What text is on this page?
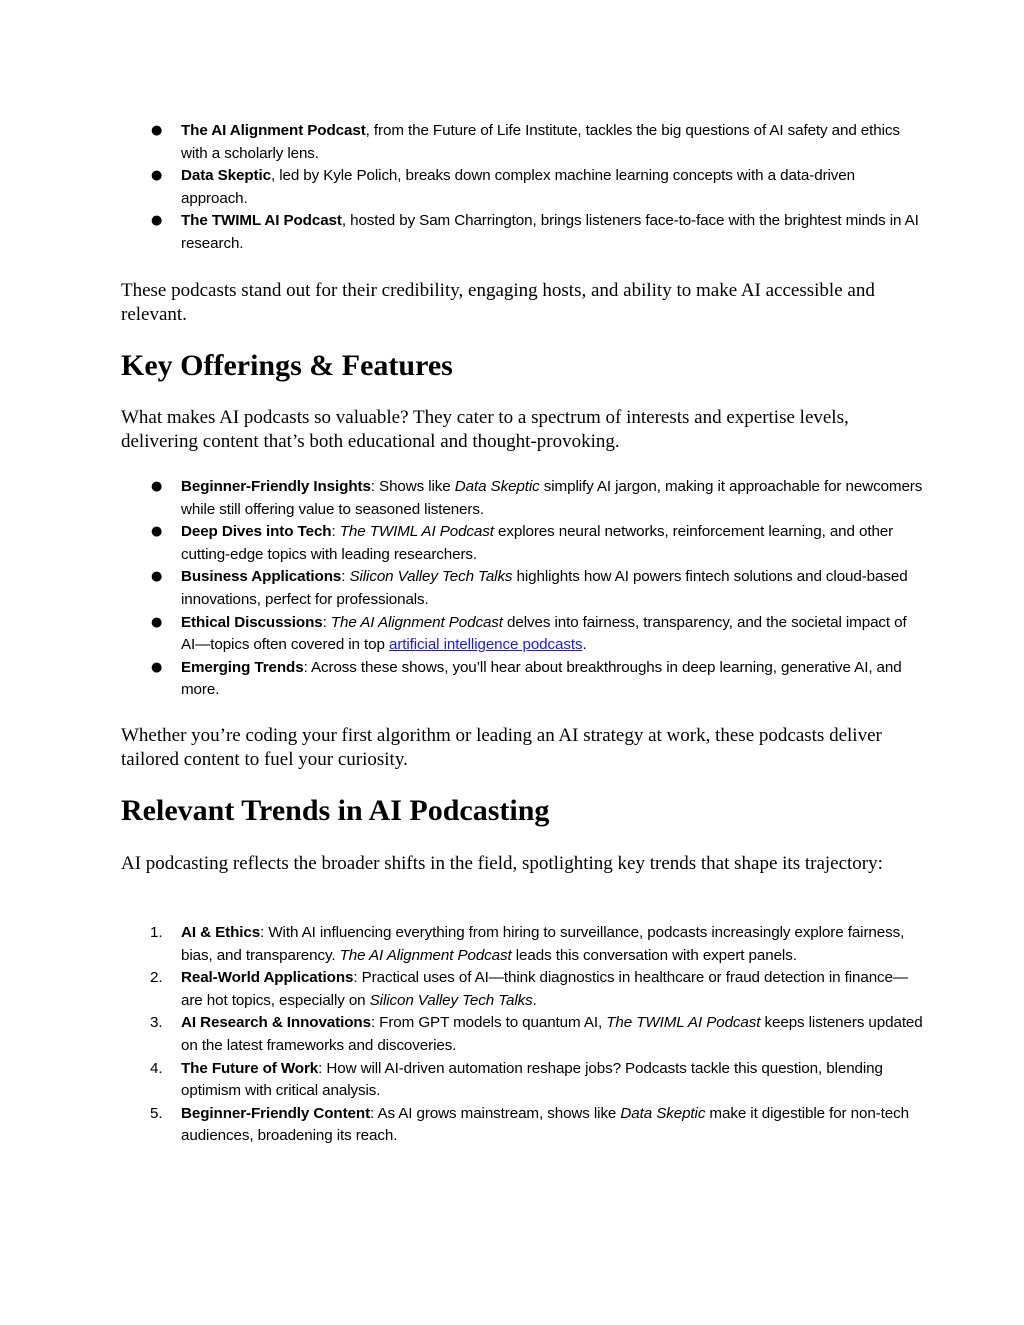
●	The AI Alignment Podcast, from the Future of Life Institute, tackles the big questions of AI safety and ethics with a scholarly lens.
●	Data Skeptic, led by Kyle Polich, breaks down complex machine learning concepts with a data-driven approach.
●	The TWIML AI Podcast, hosted by Sam Charrington, brings listeners face-to-face with the brightest minds in AI research.

These podcasts stand out for their credibility, engaging hosts, and ability to make AI accessible and relevant.

Key Offerings & Features

What makes AI podcasts so valuable? They cater to a spectrum of interests and expertise levels, delivering content that’s both educational and thought-provoking.

●	Beginner-Friendly Insights: Shows like Data Skeptic simplify AI jargon, making it approachable for newcomers while still offering value to seasoned listeners.
●	Deep Dives into Tech: The TWIML AI Podcast explores neural networks, reinforcement learning, and other cutting-edge topics with leading researchers.
●	Business Applications: Silicon Valley Tech Talks highlights how AI powers fintech solutions and cloud-based innovations, perfect for professionals.
●	Ethical Discussions: The AI Alignment Podcast delves into fairness, transparency, and the societal impact of AI—topics often covered in top artificial intelligence podcasts.
●	Emerging Trends: Across these shows, you’ll hear about breakthroughs in deep learning, generative AI, and more.

Whether you’re coding your first algorithm or leading an AI strategy at work, these podcasts deliver tailored content to fuel your curiosity.

Relevant Trends in AI Podcasting

AI podcasting reflects the broader shifts in the field, spotlighting key trends that shape its trajectory:

1.	AI & Ethics: With AI influencing everything from hiring to surveillance, podcasts increasingly explore fairness, bias, and transparency. The AI Alignment Podcast leads this conversation with expert panels.
2.	Real-World Applications: Practical uses of AI—think diagnostics in healthcare or fraud detection in finance—are hot topics, especially on Silicon Valley Tech Talks.
3.	AI Research & Innovations: From GPT models to quantum AI, The TWIML AI Podcast keeps listeners updated on the latest frameworks and discoveries.
4.	The Future of Work: How will AI-driven automation reshape jobs? Podcasts tackle this question, blending optimism with critical analysis.
5.	Beginner-Friendly Content: As AI grows mainstream, shows like Data Skeptic make it digestible for non-tech audiences, broadening its reach.
